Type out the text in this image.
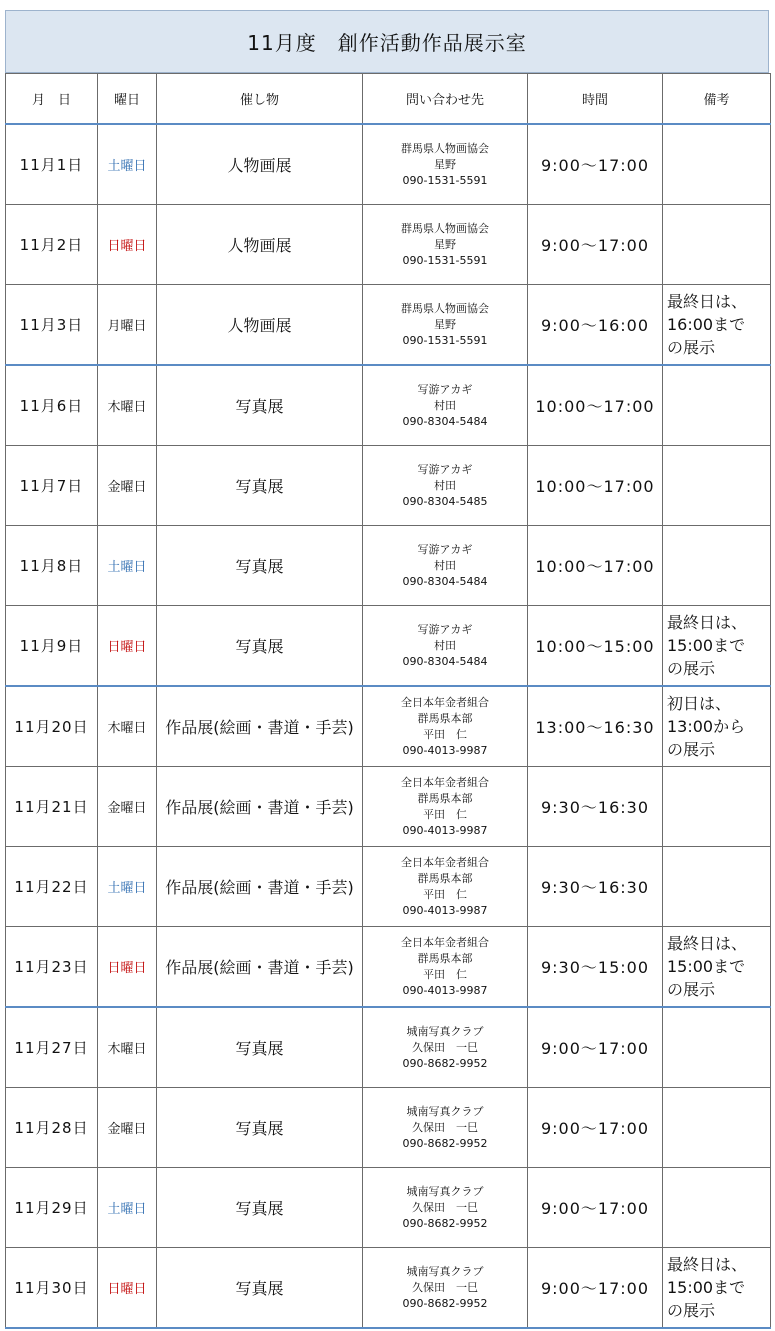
11月度　創作活動作品展示室
月　日	曜日	催し物	問い合わせ先	時間	備考
11月1日	土曜日	人物画展	群馬県人物画協会
星野
090-1531-5591	9:00〜17:00	
11月2日	日曜日	人物画展	群馬県人物画協会
星野
090-1531-5591	9:00〜17:00	
11月3日	月曜日	人物画展	群馬県人物画協会
星野
090-1531-5591	9:00〜16:00	最終日は、
16:00まで
の展示

11月6日	木曜日	写真展	写游アカギ
村田
090-8304-5484	10:00〜17:00	
11月7日	金曜日	写真展	写游アカギ
村田
090-8304-5485	10:00〜17:00	
11月8日	土曜日	写真展	写游アカギ
村田
090-8304-5484	10:00〜17:00	
11月9日	日曜日	写真展	写游アカギ
村田
090-8304-5484	10:00〜15:00	最終日は、
15:00まで
の展示

11月20日	木曜日	作品展(絵画・書道・手芸)	全日本年金者組合
群馬県本部
平田　仁
090-4013-9987	13:00〜16:30	初日は、
13:00から
の展示

11月21日	金曜日	作品展(絵画・書道・手芸)	全日本年金者組合
群馬県本部
平田　仁
090-4013-9987	9:30〜16:30	
11月22日	土曜日	作品展(絵画・書道・手芸)	全日本年金者組合
群馬県本部
平田　仁
090-4013-9987	9:30〜16:30	
11月23日	日曜日	作品展(絵画・書道・手芸)	全日本年金者組合
群馬県本部
平田　仁
090-4013-9987	9:30〜15:00	最終日は、
15:00まで
の展示

11月27日	木曜日	写真展	城南写真クラブ
久保田　一巳
090-8682-9952	9:00〜17:00	
11月28日	金曜日	写真展	城南写真クラブ
久保田　一巳
090-8682-9952	9:00〜17:00	
11月29日	土曜日	写真展	城南写真クラブ
久保田　一巳
090-8682-9952	9:00〜17:00	
11月30日	日曜日	写真展	城南写真クラブ
久保田　一巳
090-8682-9952	9:00〜17:00	最終日は、
15:00まで
の展示
